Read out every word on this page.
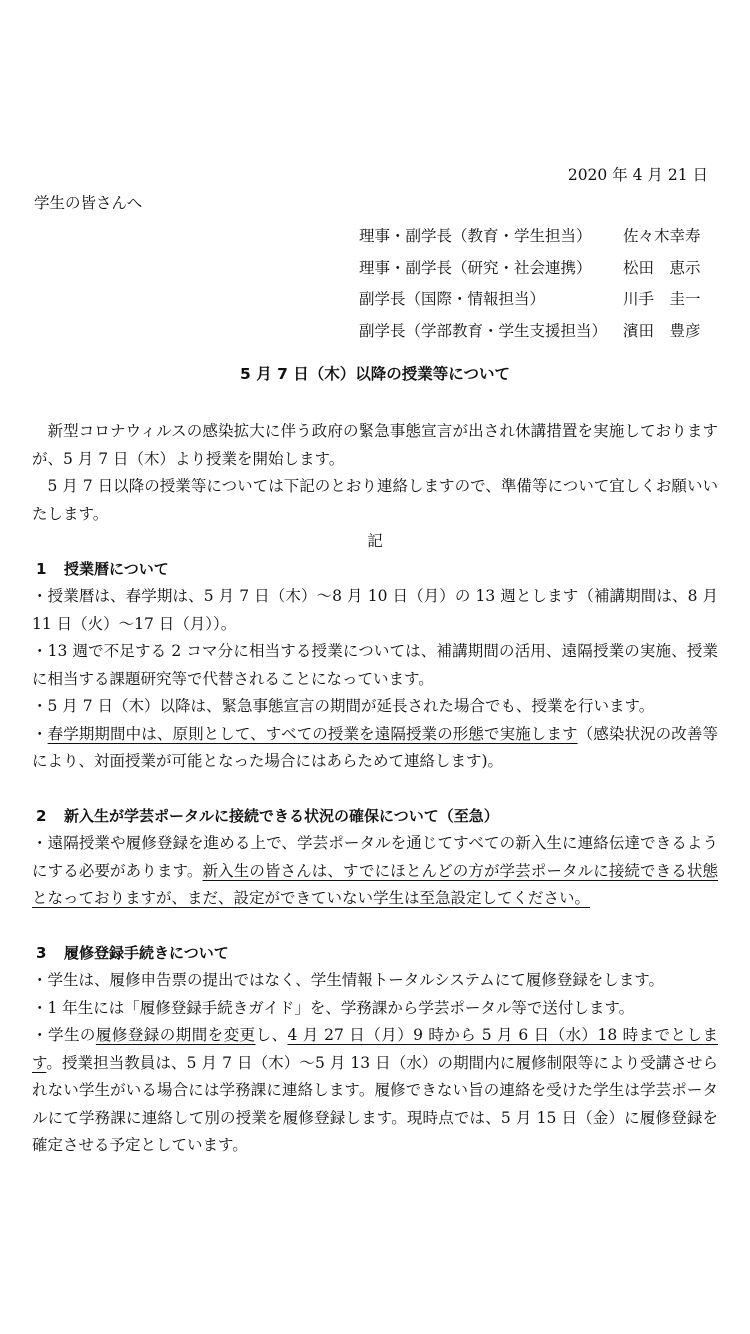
2020 年 4 月 21 日
学生の皆さんへ
理事・副学長（教育・学生担当） 佐々木幸寿
理事・副学長（研究・社会連携） 松田　恵示
副学長（国際・情報担当）	川手　圭一
副学長（学部教育・学生支援担当） 濱田　豊彦
5 月 7 日（木）以降の授業等について

新型コロナウィルスの感染拡大に伴う政府の緊急事態宣言が出され休講措置を実施しておりますが、5 月 7 日（木）より授業を開始します。

5 月 7 日以降の授業等については下記のとおり連絡しますので、準備等について宜しくお願いいたします。

記

1 授業暦について

・授業暦は、春学期は、5 月 7 日（木）～8 月 10 日（月）の 13 週とします（補講期間は、8 月 11 日（火）～17 日（月））。

・13 週で不足する 2 コマ分に相当する授業については、補講期間の活用、遠隔授業の実施、授業に相当する課題研究等で代替されることになっています。

・5 月 7 日（木）以降は、緊急事態宣言の期間が延長された場合でも、授業を行います。

・春学期期間中は、原則として、すべての授業を遠隔授業の形態で実施します（感染状況の改善等により、対面授業が可能となった場合にはあらためて連絡します)。

2 新入生が学芸ポータルに接続できる状況の確保について（至急）

・遠隔授業や履修登録を進める上で、学芸ポータルを通じてすべての新入生に連絡伝達できるようにする必要があります。新入生の皆さんは、すでにほとんどの方が学芸ポータルに接続できる状態となっておりますが、まだ、設定ができていない学生は至急設定してください。

3 履修登録手続きについて

・学生は、履修申告票の提出ではなく、学生情報トータルシステムにて履修登録をします。

・1 年生には「履修登録手続きガイド」を、学務課から学芸ポータル等で送付します。

・学生の履修登録の期間を変更し、4 月 27 日（月）9 時から 5 月 6 日（水）18 時までとします。授業担当教員は、5 月 7 日（木）～5 月 13 日（水）の期間内に履修制限等により受講させられない学生がいる場合には学務課に連絡します。履修できない旨の連絡を受けた学生は学芸ポータルにて学務課に連絡して別の授業を履修登録します。現時点では、5 月 15 日（金）に履修登録を確定させる予定としています。
